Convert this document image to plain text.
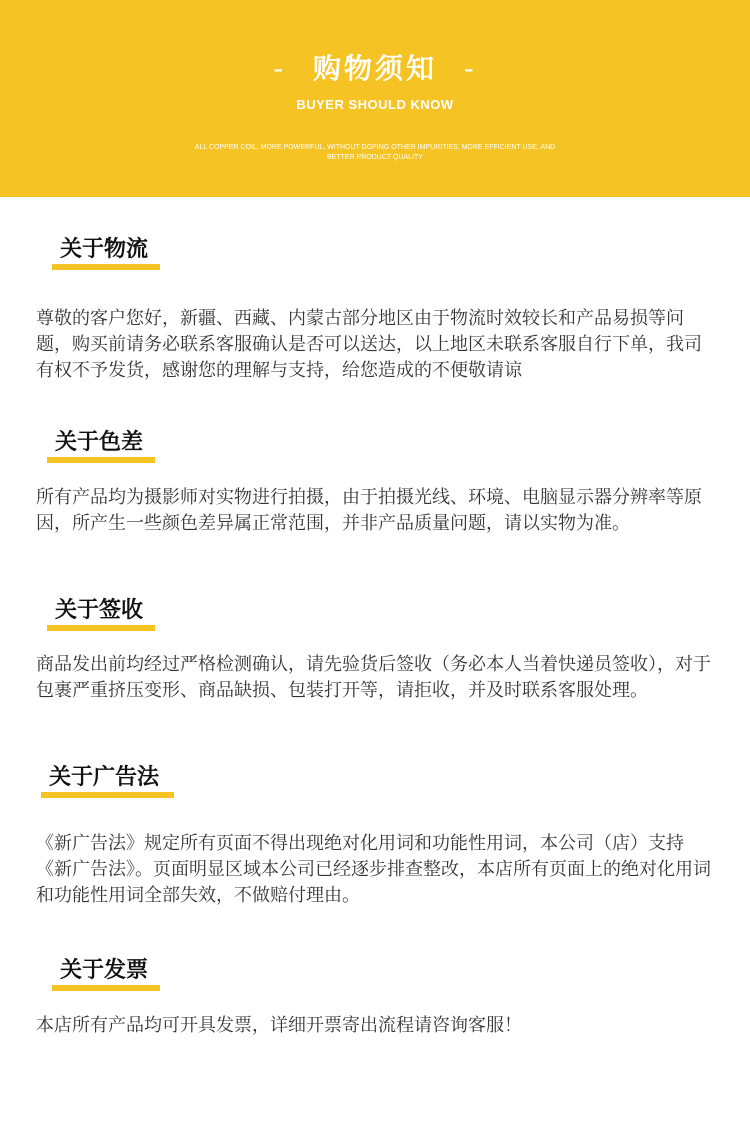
- 购物须知 -
BUYER SHOULD KNOW
ALL COPPER COIL, MORE POWERFUL, WITHOUT DOPING OTHER IMPURITIES, MORE EFFICIENT USE, AND BETTER PRODUCT QUALITY
关于物流

尊敬的客户您好，新疆、西藏、内蒙古部分地区由于物流时效较长和产品易损等问题，购买前请务必联系客服确认是否可以送达，以上地区未联系客服自行下单，我司有权不予发货，感谢您的理解与支持，给您造成的不便敬请谅

关于色差

所有产品均为摄影师对实物进行拍摄，由于拍摄光线、环境、电脑显示器分辨率等原因，所产生一些颜色差异属正常范围，并非产品质量问题，请以实物为准。

关于签收

商品发出前均经过严格检测确认，请先验货后签收（务必本人当着快递员签收），对于包裹严重挤压变形、商品缺损、包装打开等，请拒收，并及时联系客服处理。

关于广告法

《新广告法》规定所有页面不得出现绝对化用词和功能性用词，本公司（店）支持《新广告法》。页面明显区域本公司已经逐步排查整改，本店所有页面上的绝对化用词和功能性用词全部失效，不做赔付理由。

关于发票

本店所有产品均可开具发票，详细开票寄出流程请咨询客服！
